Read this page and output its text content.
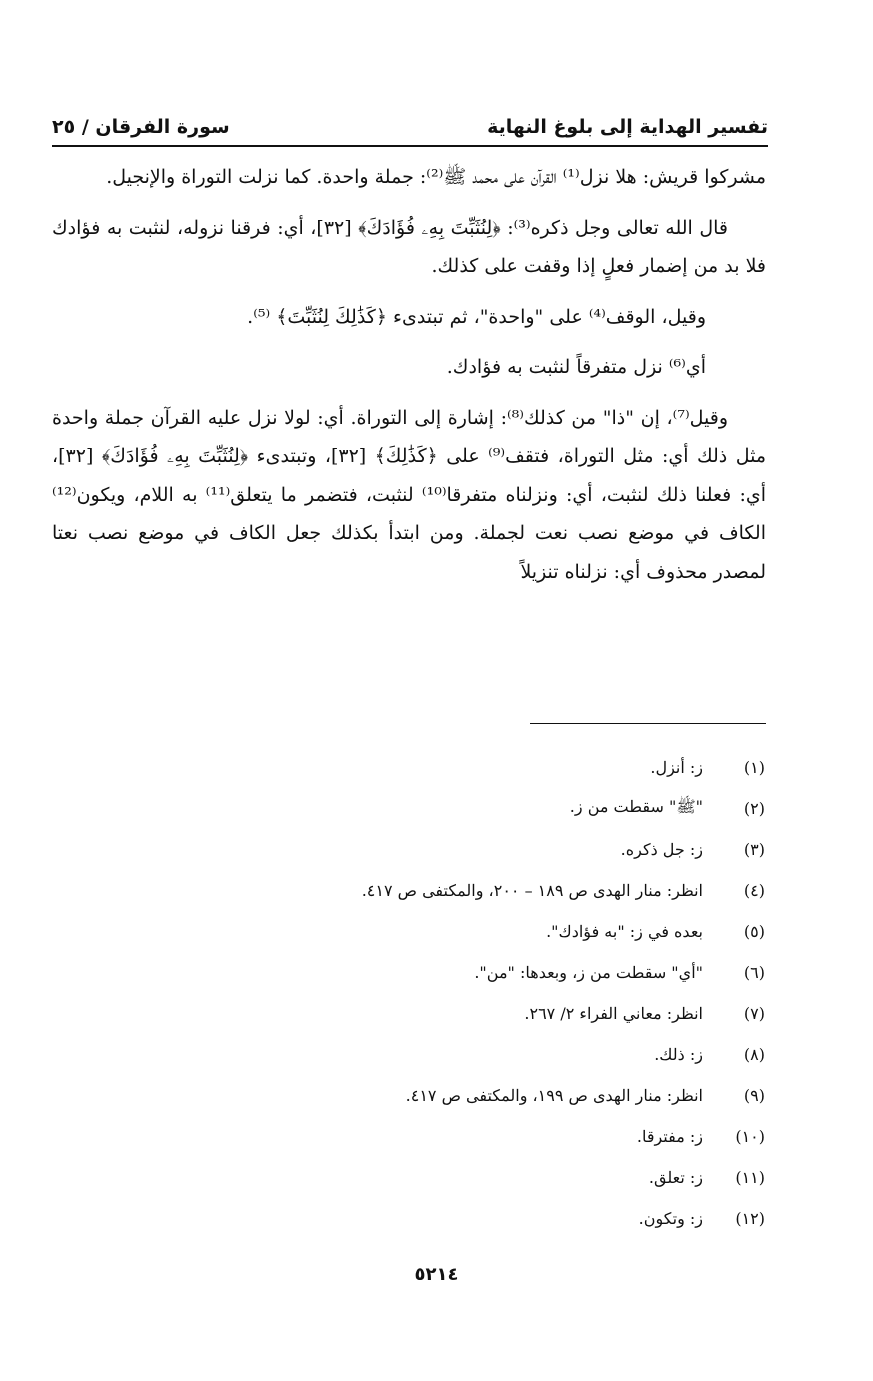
تفسير الهداية إلى بلوغ النهاية
سورة الفرقان / ٢٥

مشركوا قريش: هلا نزل⁽¹⁾ القرآن على محمد ﷺ⁽²⁾: جملة واحدة. كما نزلت التوراة والإنجيل.

قال الله تعالى وجل ذكره⁽³⁾: ﴿لِنُثَبِّتَ بِهِۦ فُؤَادَكَ﴾ [٣٢]، أي: فرقنا نزوله، لنثبت به فؤادك فلا بد من إضمار فعلٍ إذا وقفت على كذلك.

وقيل، الوقف⁽⁴⁾ على "واحدة"، ثم تبتدىء ﴿كَذَٰلِكَ لِنُثَبِّتَ﴾ ⁽⁵⁾.

أي⁽⁶⁾ نزل متفرقاً لنثبت به فؤادك.

وقيل⁽⁷⁾، إن "ذا" من كذلك⁽⁸⁾: إشارة إلى التوراة. أي: لولا نزل عليه القرآن جملة واحدة مثل ذلك أي: مثل التوراة، فتقف⁽⁹⁾ على ﴿كَذَٰلِكَ﴾ [٣٢]، وتبتدىء ﴿لِنُثَبِّتَ بِهِۦ فُؤَادَكَ﴾ [٣٢]، أي: فعلنا ذلك لنثبت، أي: ونزلناه متفرقا⁽¹⁰⁾ لنثبت، فتضمر ما يتعلق⁽¹¹⁾ به اللام، ويكون⁽¹²⁾ الكاف في موضع نصب نعت لجملة. ومن ابتدأ بكذلك جعل الكاف في موضع نصب نعتا لمصدر محذوف أي: نزلناه تنزيلاً

(١)
ز: أنزل.
(٢)
"ﷺ" سقطت من ز.
(٣)
ز: جل ذكره.
(٤)
انظر: منار الهدى ص ١٨٩ – ٢٠٠، والمكتفى ص ٤١٧.
(٥)
بعده في ز: "به فؤادك".
(٦)
"أي" سقطت من ز، وبعدها: "من".
(٧)
انظر: معاني الفراء ٢/ ٢٦٧.
(٨)
ز: ذلك.
(٩)
انظر: منار الهدى ص ١٩٩، والمكتفى ص ٤١٧.
(١٠)
ز: مفترقا.
(١١)
ز: تعلق.
(١٢)
ز: وتكون.
٥٢١٤
